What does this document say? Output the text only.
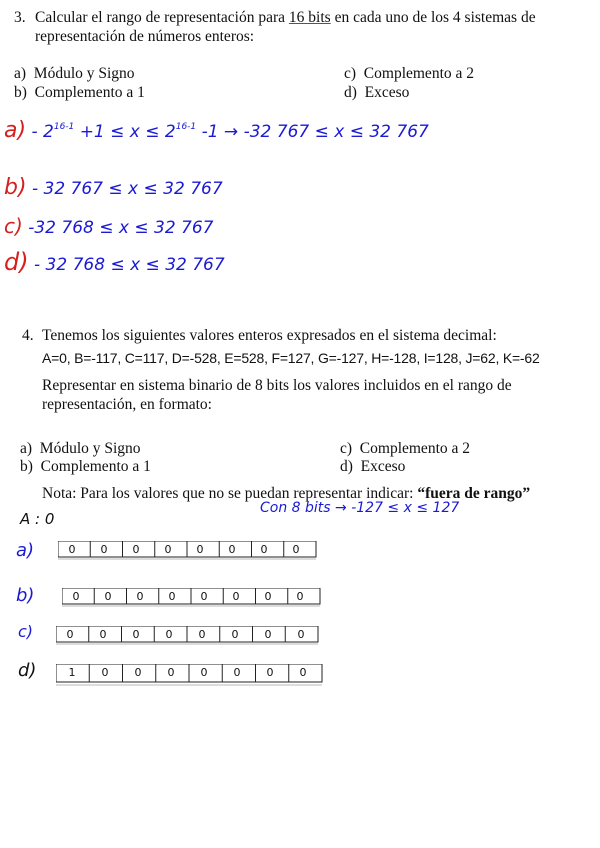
3. Calcular el rango de representación para 16 bits en cada uno de los 4 sistemas de
representación de números enteros:
a) Módulo y Signo
b) Complemento a 1
c) Complemento a 2
d) Exceso
$a) - 2^{16-1} +1 \le x \le 2^{16-1}$ -1 → -32 767 ≤ x ≤ 32 767
b) - 32 767 ≤ x ≤ 32 767
c) -32 768 ≤ x ≤ 32 767
d) - 32 768 ≤ x ≤ 32 767
4. Tenemos los siguientes valores enteros expresados en el sistema decimal:
A=0, B=-117, C=117, D=-528, E=528, F=127, G=-127, H=-128, I=128, J=62, K=-62
Representar en sistema binario de 8 bits los valores incluidos en el rango de
representación, en formato:
a) Módulo y Signo
b) Complemento a 1
c) Complemento a 2
d) Exceso
Nota: Para los valores que no se puedan representar indicar: “fuera de rango”
A : 0
Con 8 bits → -127 ≤ x ≤ 127
a)	0	0	0	0	0	0	0	0
b)	0	0	0	0	0	0	0	0
c)	0	0	0	0	0	0	0	0
d)	1	0	0	0	0	0	0	0
